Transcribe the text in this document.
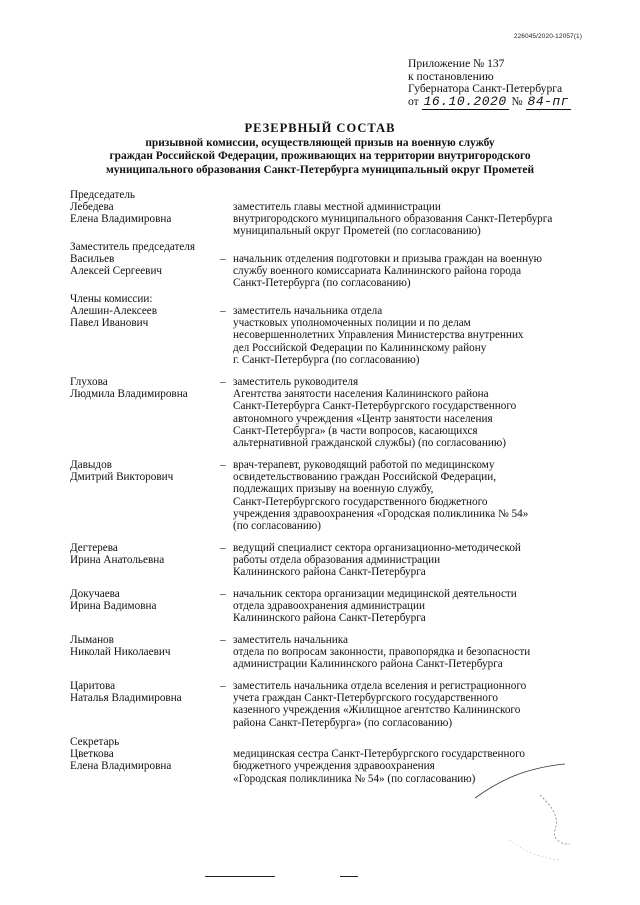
226045/2020-12057(1)
Приложение № 137
к постановлению
Губернатора Санкт-Петербурга
от 16.10.2020 № 84-пг
РЕЗЕРВНЫЙ СОСТАВ
призывной комиссии, осуществляющей призыв на военную службу
граждан Российской Федерации, проживающих на территории внутригородского
муниципального образования Санкт-Петербурга муниципальный округ Прометей
Председатель
Лебедева
Елена Владимировна
заместитель главы местной администрации
внутригородского муниципального образования Санкт-Петербурга
муниципальный округ Прометей (по согласованию)
Заместитель председателя
Васильев
Алексей Сергеевич
– начальник отделения подготовки и призыва граждан на военную
службу военного комиссариата Калининского района города
Санкт-Петербурга (по согласованию)
Члены комиссии:
Алешин-Алексеев
Павел Иванович
– заместитель начальника отдела
участковых уполномоченных полиции и по делам
несовершеннолетних Управления Министерства внутренних
дел Российской Федерации по Калининскому району
г. Санкт-Петербурга (по согласованию)
Глухова
Людмила Владимировна
– заместитель руководителя
Агентства занятости населения Калининского района
Санкт-Петербурга Санкт-Петербургского государственного
автономного учреждения «Центр занятости населения
Санкт-Петербурга» (в части вопросов, касающихся
альтернативной гражданской службы) (по согласованию)
Давыдов
Дмитрий Викторович
– врач-терапевт, руководящий работой по медицинскому
освидетельствованию граждан Российской Федерации,
подлежащих призыву на военную службу,
Санкт-Петербургского государственного бюджетного
учреждения здравоохранения «Городская поликлиника № 54»
(по согласованию)
Дегтерева
Ирина Анатольевна
– ведущий специалист сектора организационно-методической
работы отдела образования администрации
Калининского района Санкт-Петербурга
Докучаева
Ирина Вадимовна
– начальник сектора организации медицинской деятельности
отдела здравоохранения администрации
Калининского района Санкт-Петербурга
Лыманов
Николай Николаевич
– заместитель начальника
отдела по вопросам законности, правопорядка и безопасности
администрации Калининского района Санкт-Петербурга
Царитова
Наталья Владимировна
– заместитель начальника отдела вселения и регистрационного
учета граждан Санкт-Петербургского государственного
казенного учреждения «Жилищное агентство Калининского
района Санкт-Петербурга» (по согласованию)
Секретарь
Цветкова
Елена Владимировна
медицинская сестра Санкт-Петербургского государственного
бюджетного учреждения здравоохранения
«Городская поликлиника № 54» (по согласованию)
